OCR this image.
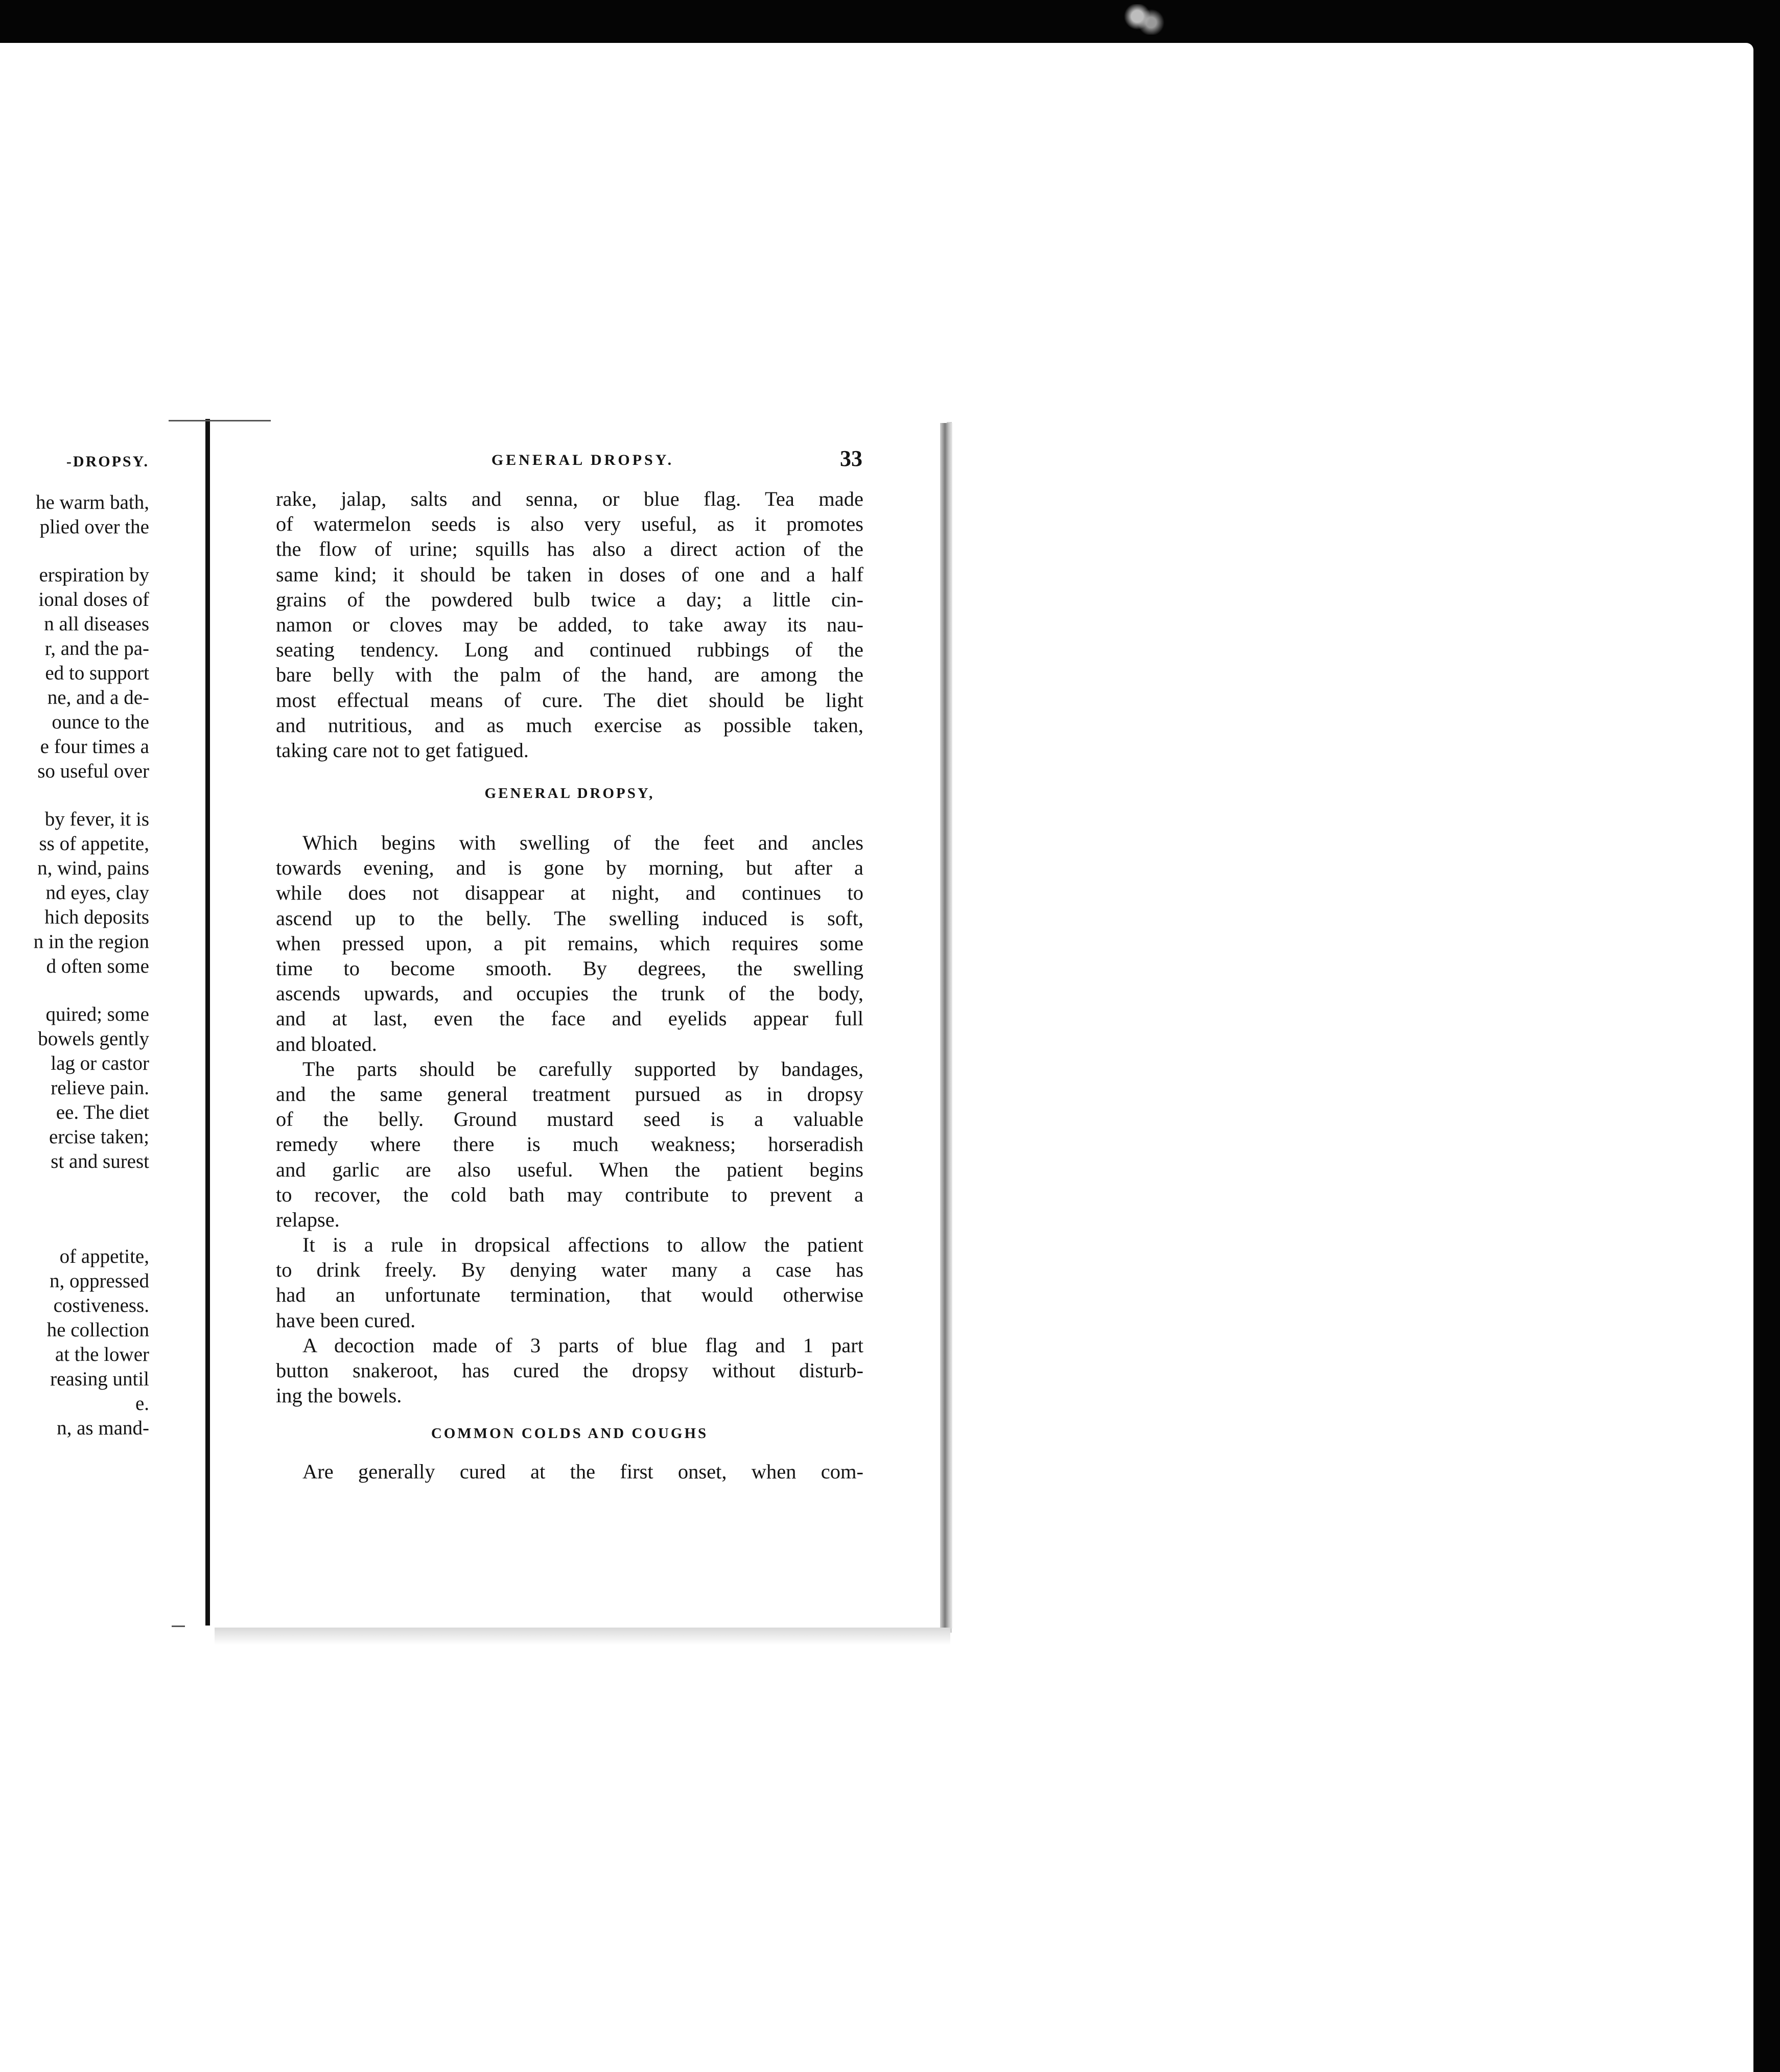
-DROPSY.
he warm bath,
plied over the
erspiration by
ional doses of
n all diseases
r, and the pa-
ed to support
ne, and a de-
ounce to the
e four times a
so useful over
by fever, it is
ss of appetite,
n, wind, pains
nd eyes, clay
hich deposits
n in the region
d often some
quired; some
bowels gently
lag or castor
relieve pain.
ee. The diet
ercise taken;
st and surest
of appetite,
n, oppressed
costiveness.
he collection
at the lower
reasing until
e.
n, as mand-
GENERAL DROPSY.	33
rake, jalap, salts and senna, or blue flag. Tea made
of watermelon seeds is also very useful, as it promotes
the flow of urine; squills has also a direct action of the
same kind; it should be taken in doses of one and a half
grains of the powdered bulb twice a day; a little cin-
namon or cloves may be added, to take away its nau-
seating tendency. Long and continued rubbings of the
bare belly with the palm of the hand, are among the
most effectual means of cure. The diet should be light
and nutritious, and as much exercise as possible taken,
taking care not to get fatigued.
GENERAL DROPSY,
Which begins with swelling of the feet and ancles
towards evening, and is gone by morning, but after a
while does not disappear at night, and continues to
ascend up to the belly. The swelling induced is soft,
when pressed upon, a pit remains, which requires some
time to become smooth. By degrees, the swelling
ascends upwards, and occupies the trunk of the body,
and at last, even the face and eyelids appear full
and bloated.
The parts should be carefully supported by bandages,
and the same general treatment pursued as in dropsy
of the belly. Ground mustard seed is a valuable
remedy where there is much weakness; horseradish
and garlic are also useful. When the patient begins
to recover, the cold bath may contribute to prevent a
relapse.
It is a rule in dropsical affections to allow the patient
to drink freely. By denying water many a case has
had an unfortunate termination, that would otherwise
have been cured.
A decoction made of 3 parts of blue flag and 1 part
button snakeroot, has cured the dropsy without disturb-
ing the bowels.
COMMON COLDS AND COUGHS
Are generally cured at the first onset, when com-
